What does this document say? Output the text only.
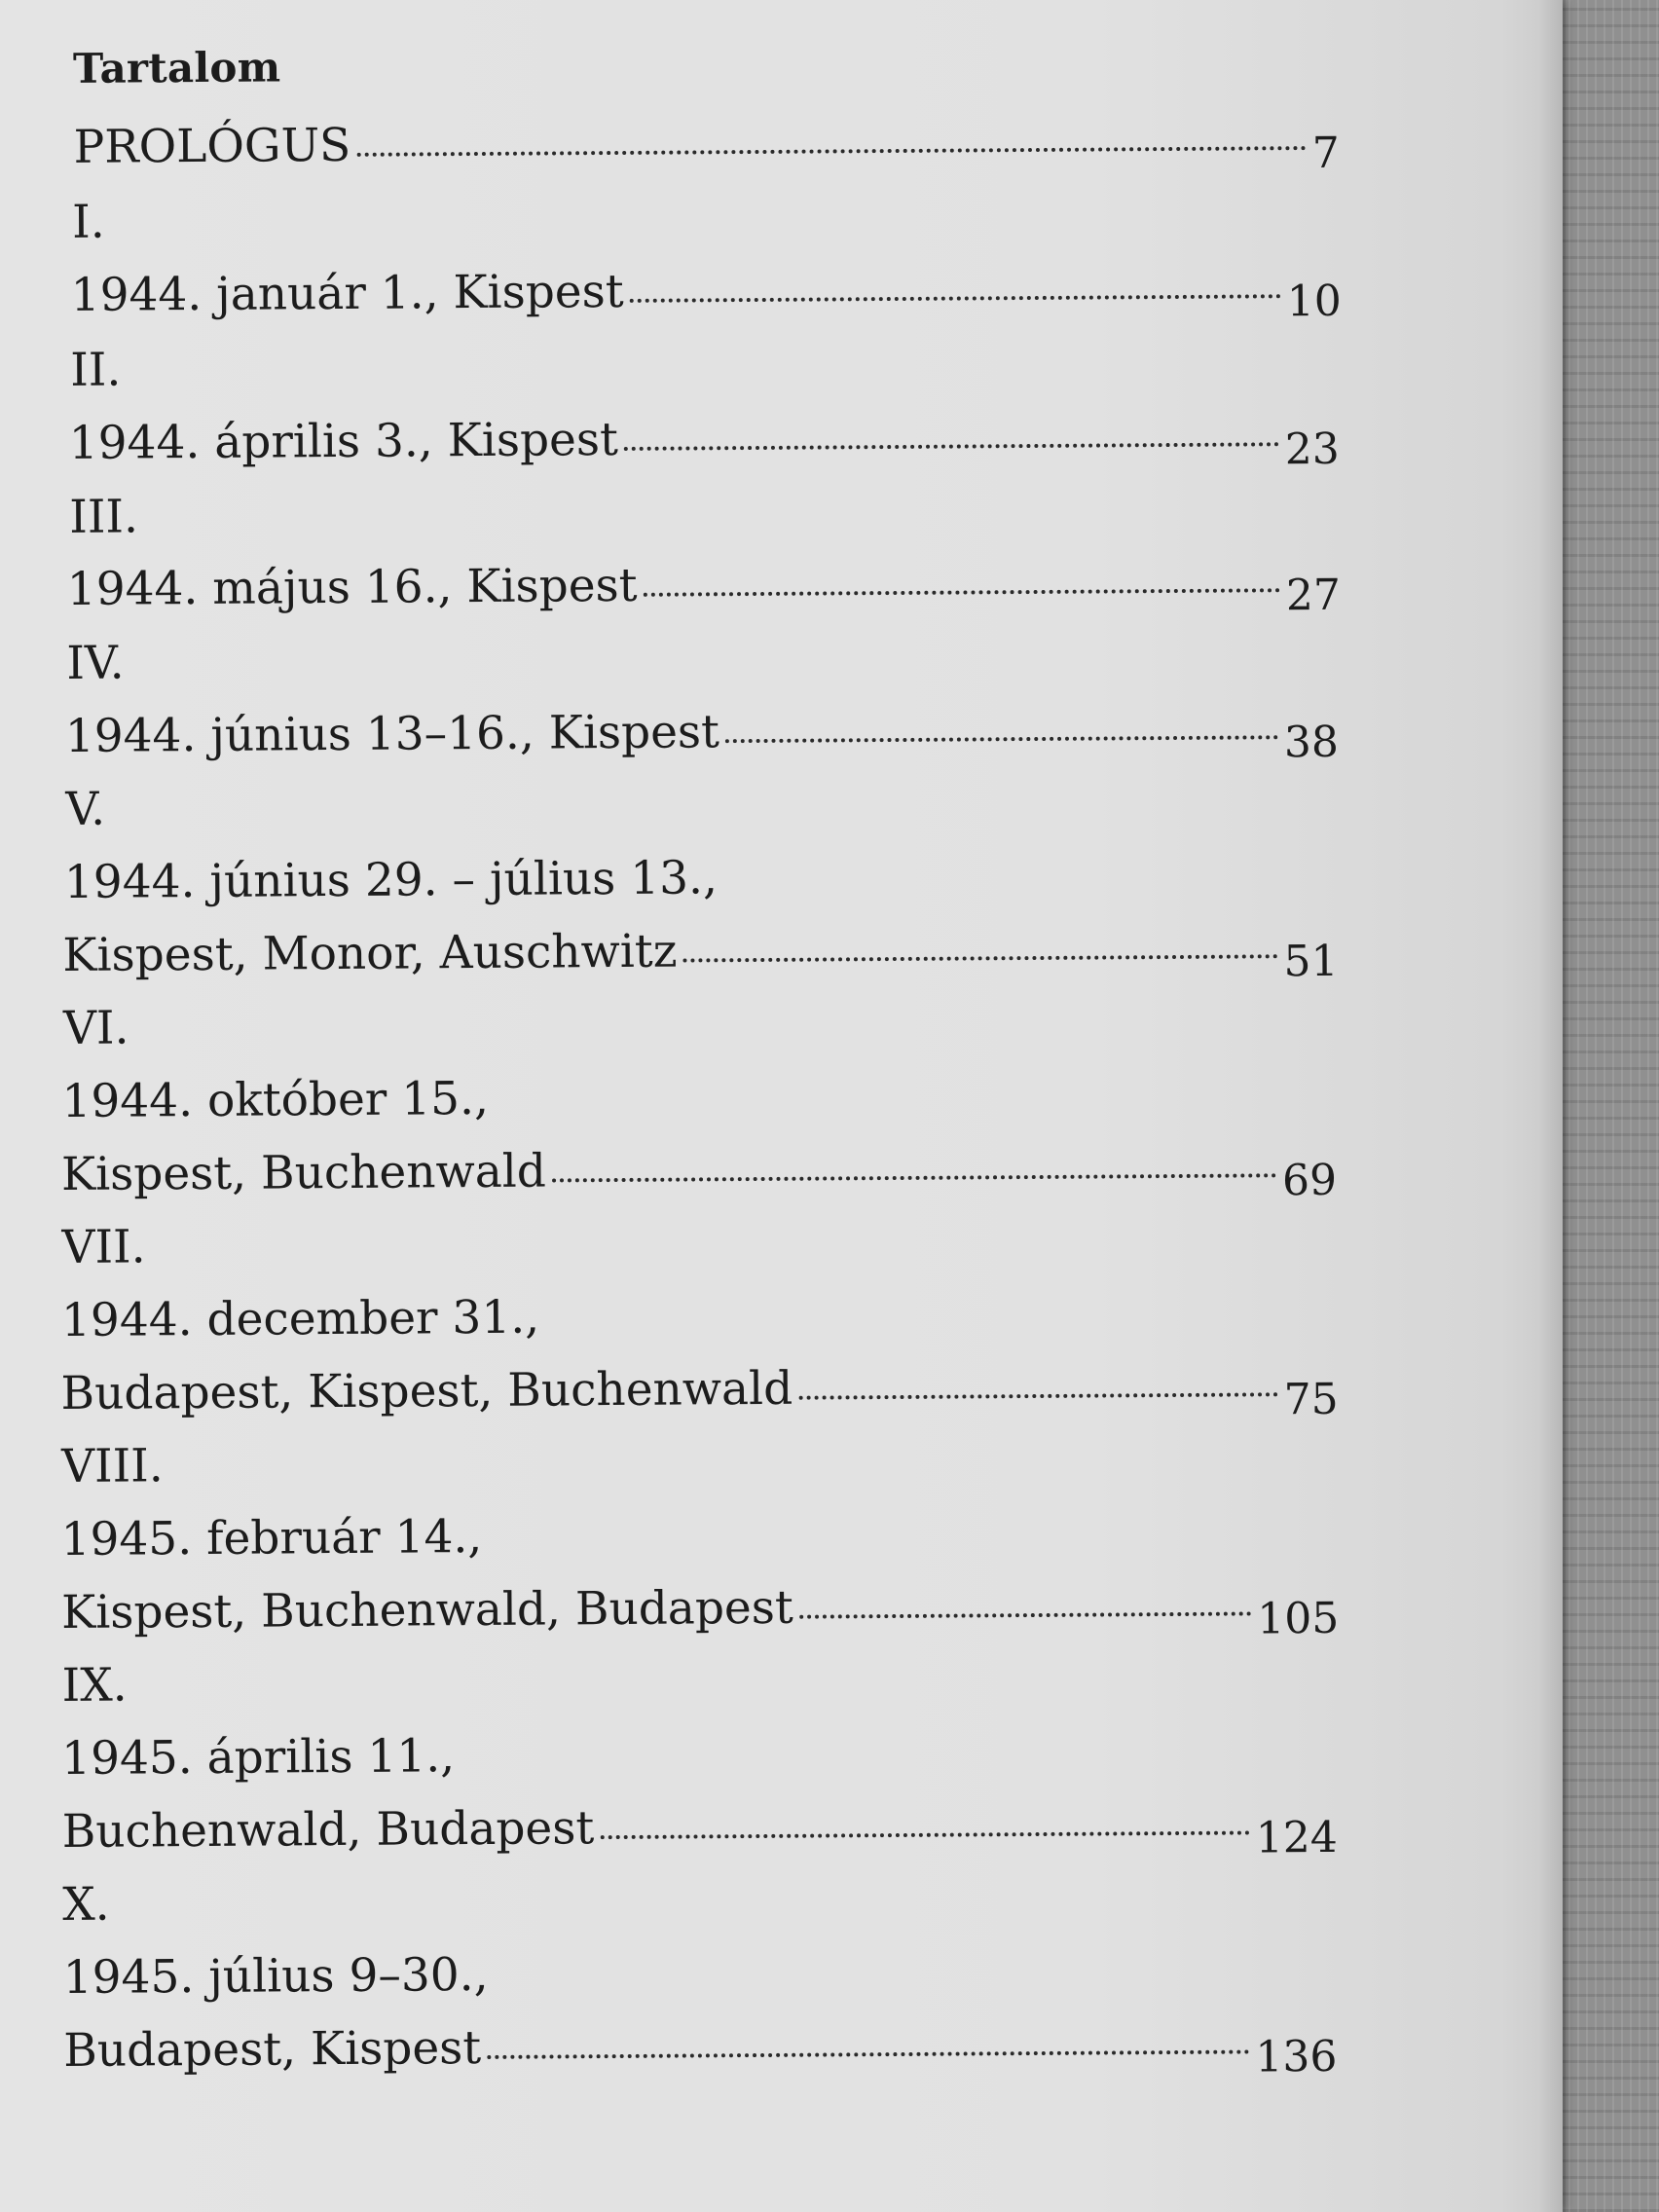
Tartalom
PROLÓGUS	7
I.
1944. január 1., Kispest	10
II.
1944. április 3., Kispest	23
III.
1944. május 16., Kispest	27
IV.
1944. június 13–16., Kispest	38
V.
1944. június 29. – július 13.,
Kispest, Monor, Auschwitz	51
VI.
1944. október 15.,
Kispest, Buchenwald	69
VII.
1944. december 31.,
Budapest, Kispest, Buchenwald	75
VIII.
1945. február 14.,
Kispest, Buchenwald, Budapest	105
IX.
1945. április 11.,
Buchenwald, Budapest	124
X.
1945. július 9–30.,
Budapest, Kispest	136
